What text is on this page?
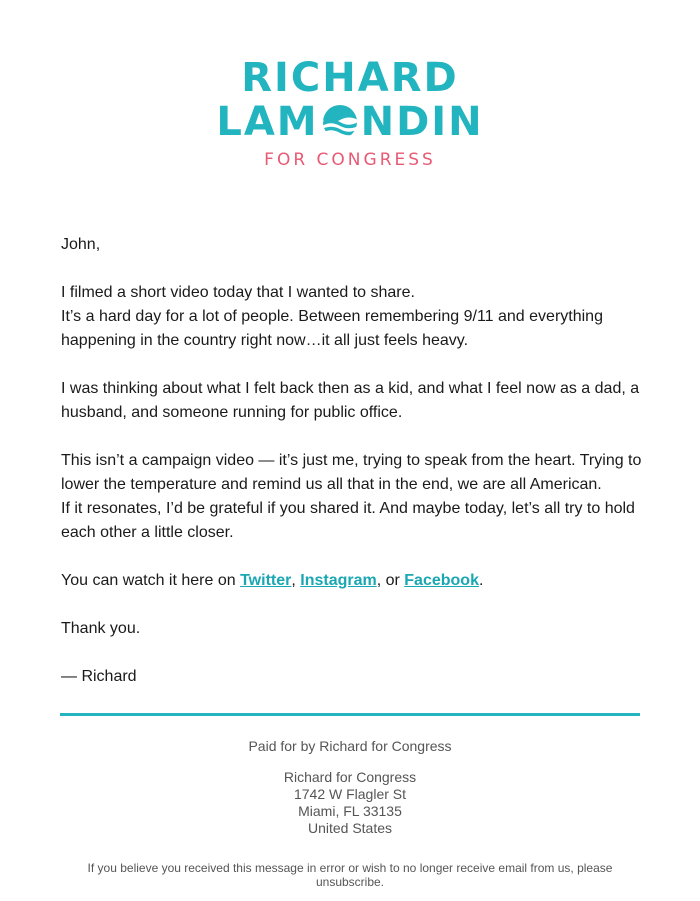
RICHARD
LAM NDIN
FOR CONGRESS

John,

I filmed a short video today that I wanted to share.
It’s a hard day for a lot of people. Between remembering 9/11 and everything happening in the country right now…it all just feels heavy.

I was thinking about what I felt back then as a kid, and what I feel now as a dad, a husband, and someone running for public office.

This isn’t a campaign video — it’s just me, trying to speak from the heart. Trying to lower the temperature and remind us all that in the end, we are all American.
If it resonates, I’d be grateful if you shared it. And maybe today, let’s all try to hold each other a little closer.

You can watch it here on Twitter, Instagram, or Facebook.

Thank you.

— Richard

Paid for by Richard for Congress
Richard for Congress
1742 W Flagler St
Miami, FL 33135
United States
If you believe you received this message in error or wish to no longer receive email from us, please unsubscribe.
